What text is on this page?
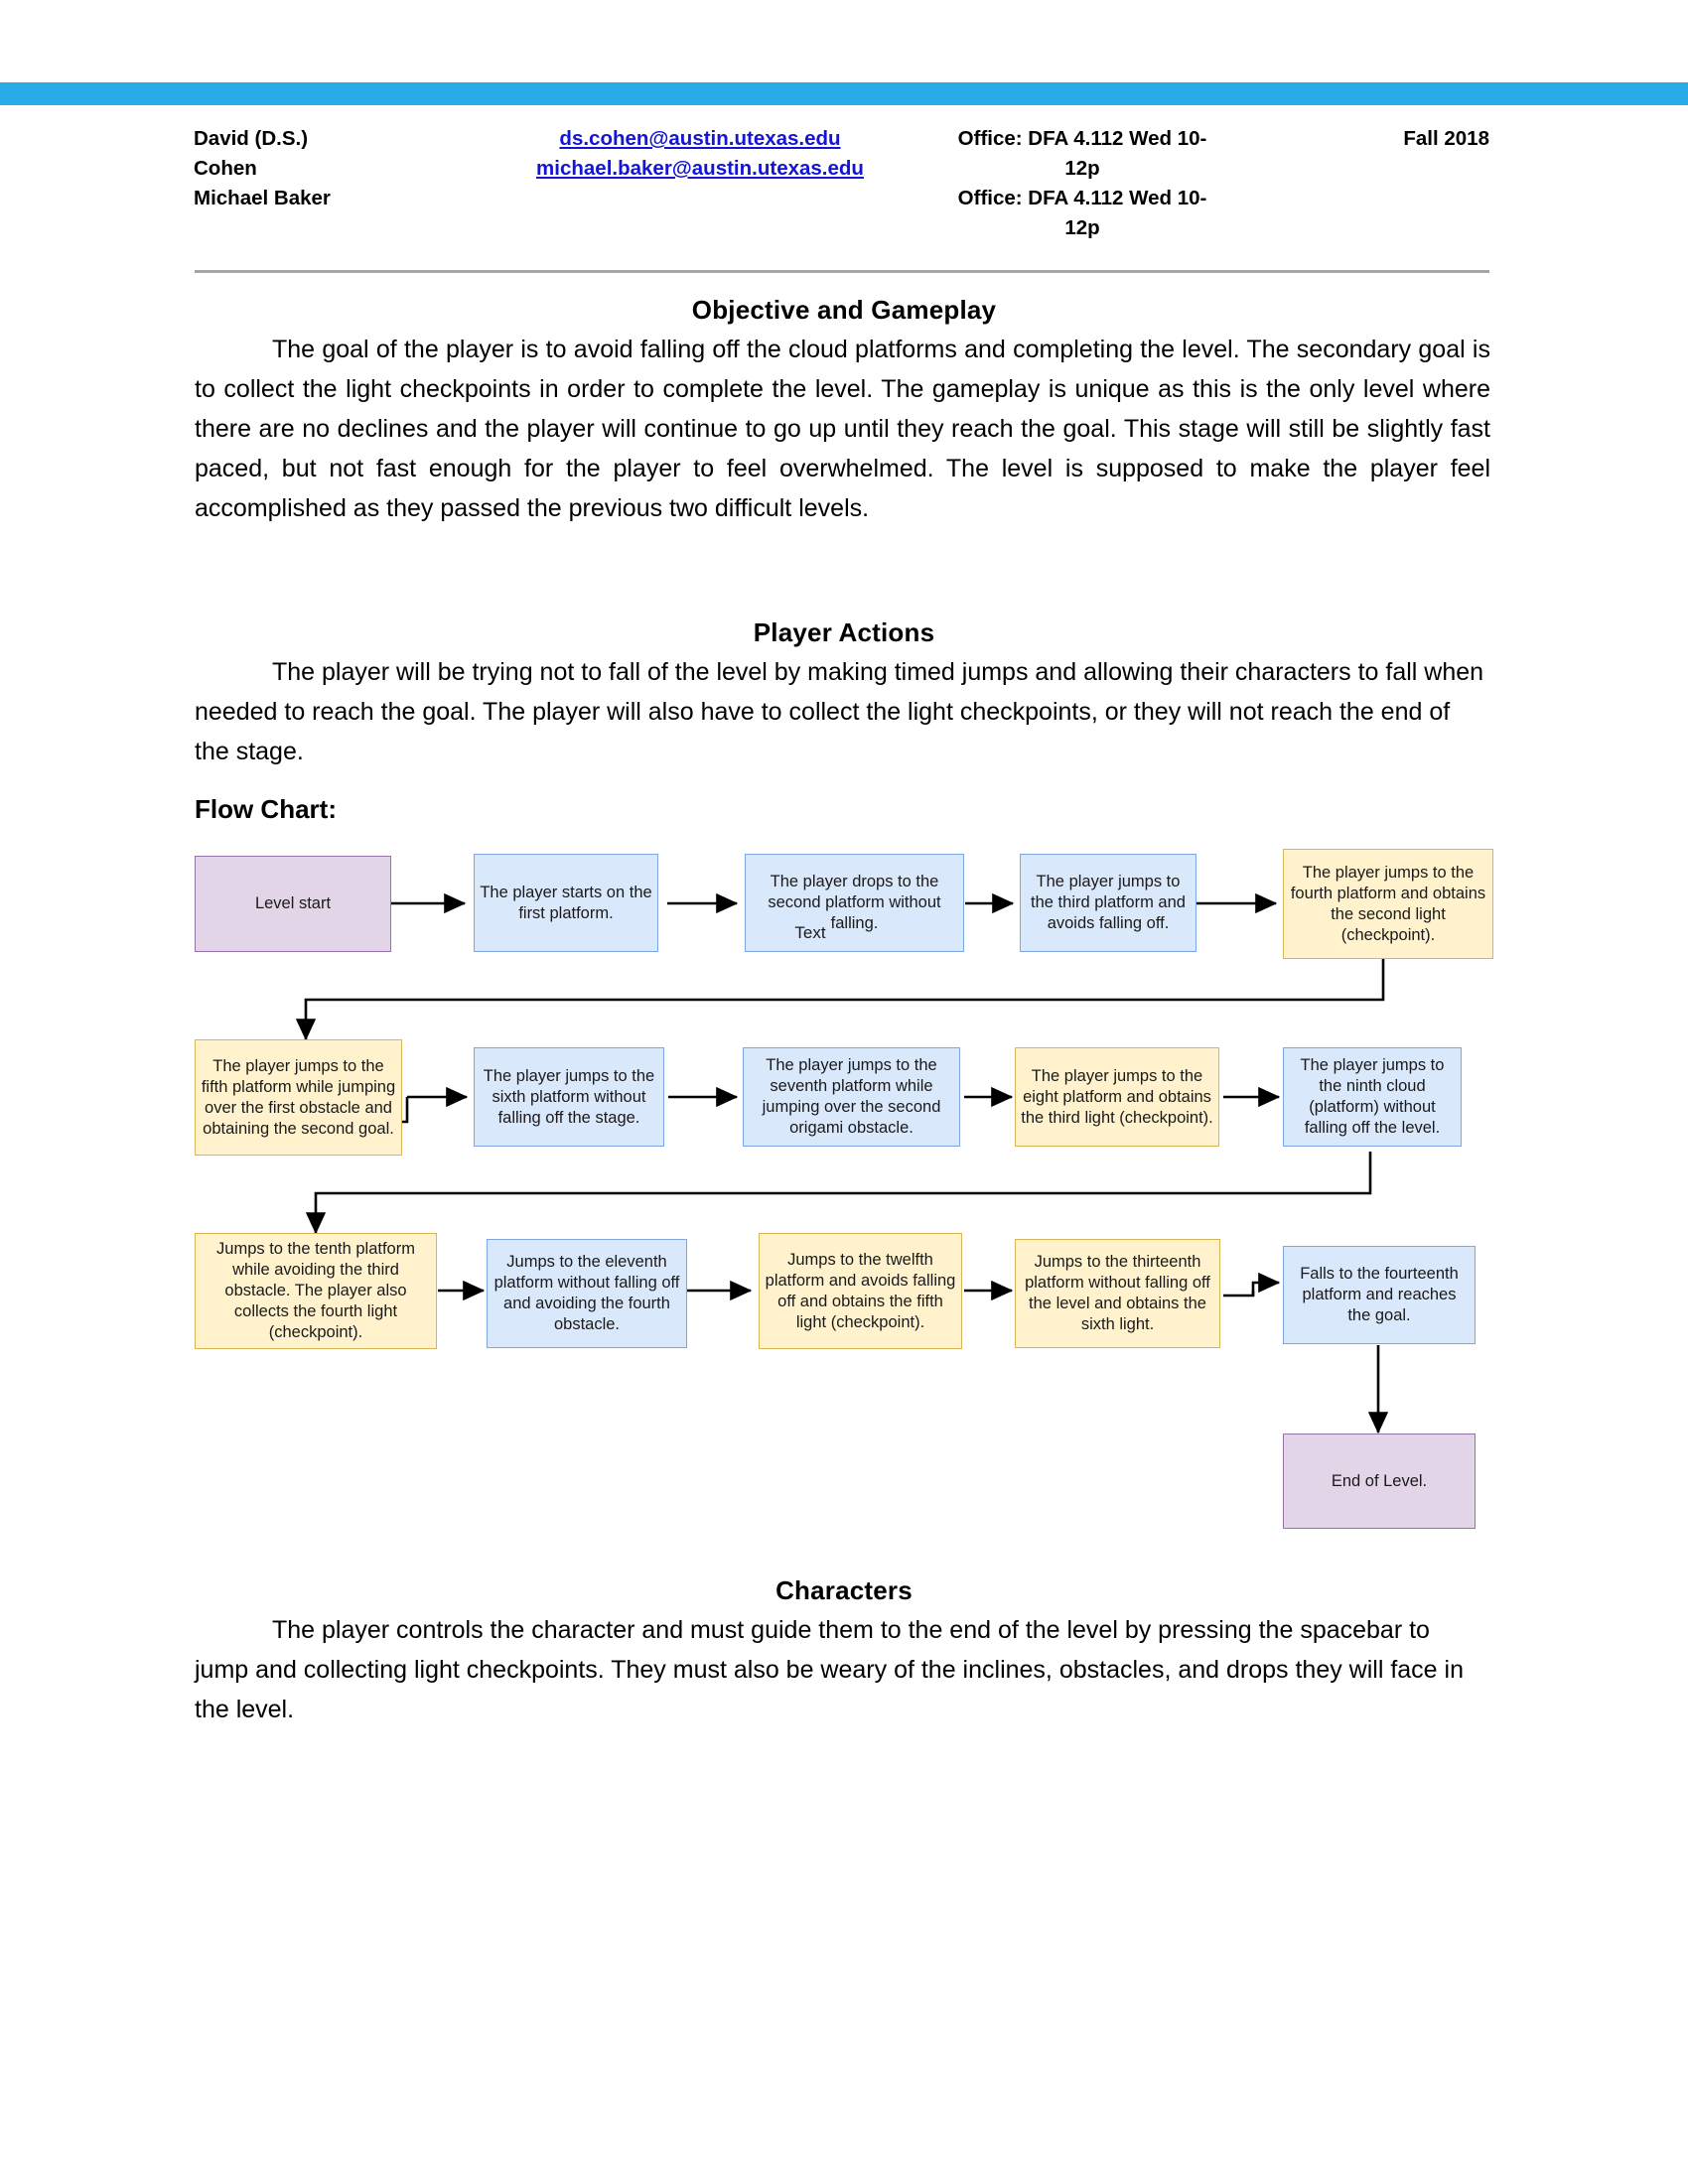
David (D.S.)
Cohen
Michael Baker
ds.cohen@austin.utexas.edu
michael.baker@austin.utexas.edu
Office: DFA 4.112 Wed 10-
12p
Office: DFA 4.112 Wed 10-
12p
Fall 2018
Objective and Gameplay
The goal of the player is to avoid falling off the cloud platforms and completing the level. The secondary goal is to collect the light checkpoints in order to complete the level. The gameplay is unique as this is the only level where there are no declines and the player will continue to go up until they reach the goal. This stage will still be slightly fast paced, but not fast enough for the player to feel overwhelmed. The level is supposed to make the player feel accomplished as they passed the previous two difficult levels.
Player Actions
The player will be trying not to fall of the level by making timed jumps and allowing their characters to fall when needed to reach the goal. The player will also have to collect the light checkpoints, or they will not reach the end of the stage.
Flow Chart:
Level start
The player starts on the first platform.
The player drops to the second platform without falling.
The player jumps to the third platform and avoids falling off.
The player jumps to the fourth platform and obtains the second light (checkpoint).
Text
The player jumps to the fifth platform while jumping over the first obstacle and obtaining the second goal.
The player jumps to the sixth platform without falling off the stage.
The player jumps to the seventh platform while jumping over the second origami obstacle.
The player jumps to the eight platform and obtains the third light (checkpoint).
The player jumps to the ninth cloud (platform) without falling off the level.
Jumps to the tenth platform while avoiding the third obstacle. The player also collects the fourth light (checkpoint).
Jumps to the eleventh platform without falling off and avoiding the fourth obstacle.
Jumps to the twelfth platform and avoids falling off and obtains the fifth light (checkpoint).
Jumps to the thirteenth platform without falling off the level and obtains the sixth light.
Falls to the fourteenth platform and reaches the goal.
End of Level.
Characters
The player controls the character and must guide them to the end of the level by pressing the spacebar to jump and collecting light checkpoints. They must also be weary of the inclines, obstacles, and drops they will face in the level.
